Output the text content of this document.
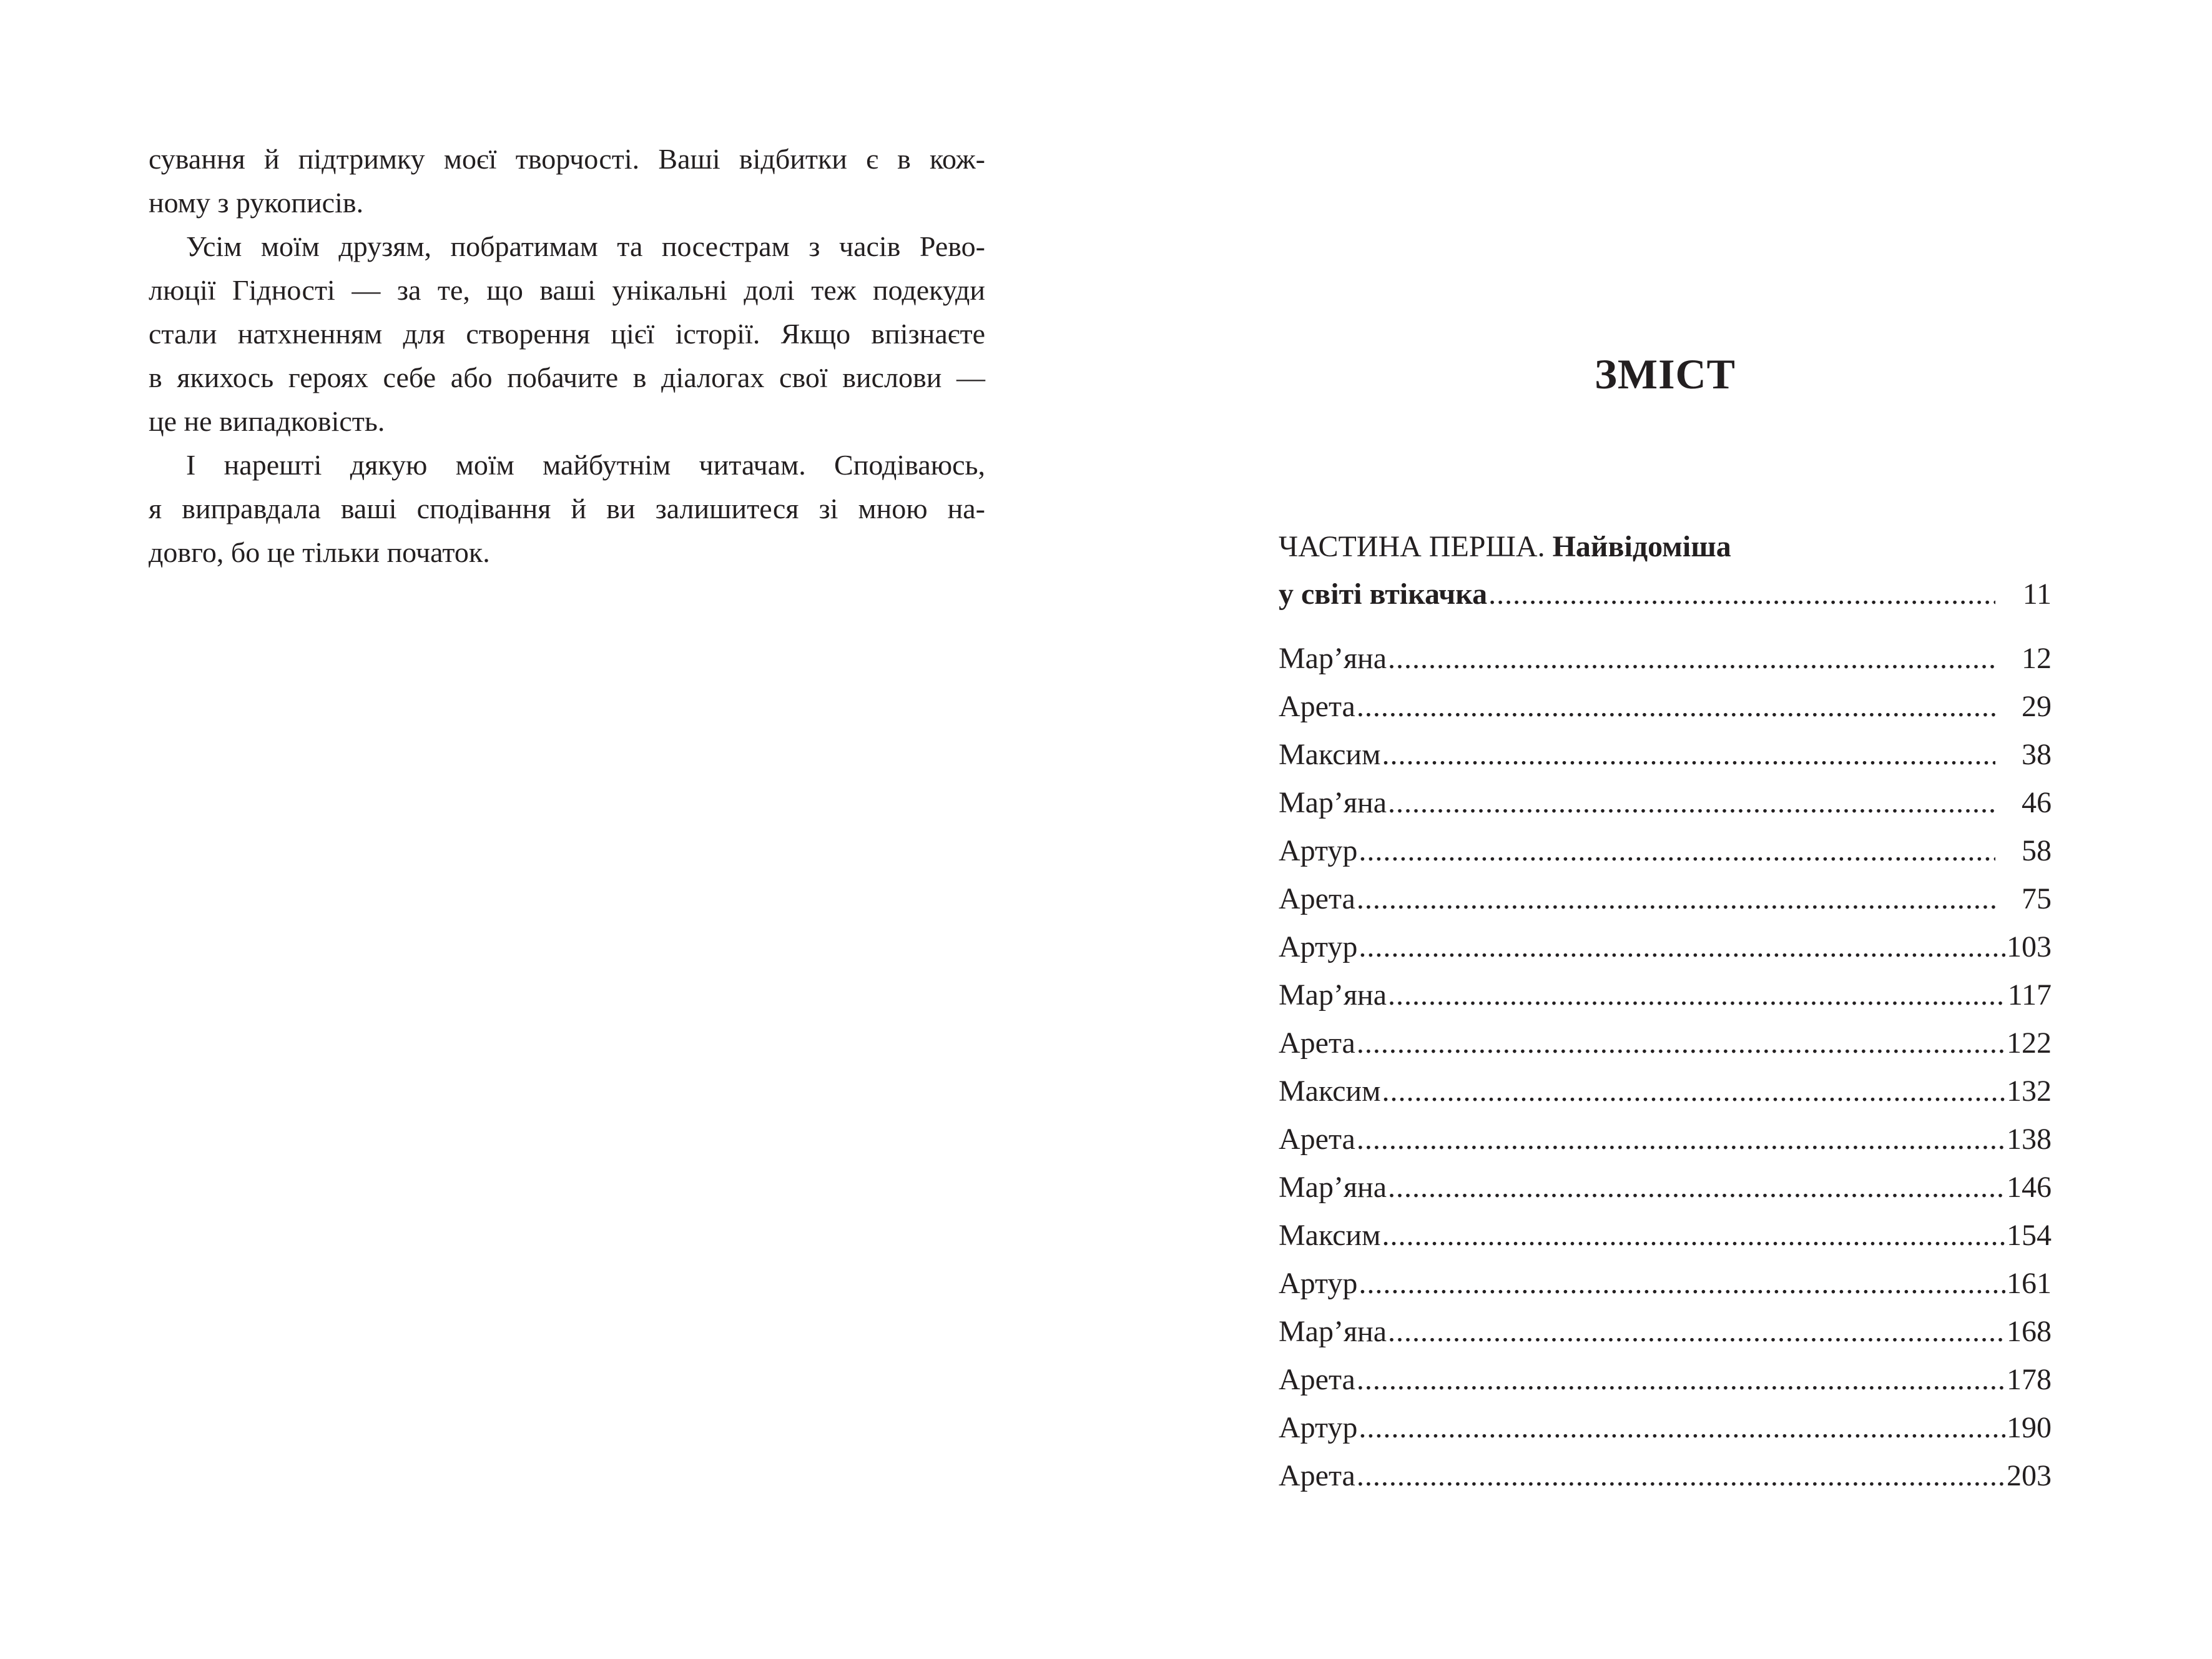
сування й підтримку моєї творчості. Ваші відбитки є в кож-
ному з рукописів.

Усім моїм друзям, побратимам та посестрам з часів Рево-
люції Гідності — за те, що ваші унікальні долі теж подекуди
стали натхненням для створення цієї історії. Якщо впізнаєте
в якихось героях себе або побачите в діалогах свої вислови —
це не випадковість.

І нарешті дякую моїм майбутнім читачам. Сподіваюсь,
я виправдала ваші сподівання й ви залишитеся зі мною на-
довго, бо це тільки початок.

ЗМІСТ
ЧАСТИНА ПЕРША. Найвідоміша
у світі втікачка .....	11
Мар’яна .....	12
Арета .....	29
Максим .....	38
Мар’яна .....	46
Артур .....	58
Арета .....	75
Артур .....	103
Мар’яна .....	117
Арета .....	122
Максим .....	132
Арета .....	138
Мар’яна .....	146
Максим .....	154
Артур .....	161
Мар’яна .....	168
Арета .....	178
Артур .....	190
Арета .....	203
